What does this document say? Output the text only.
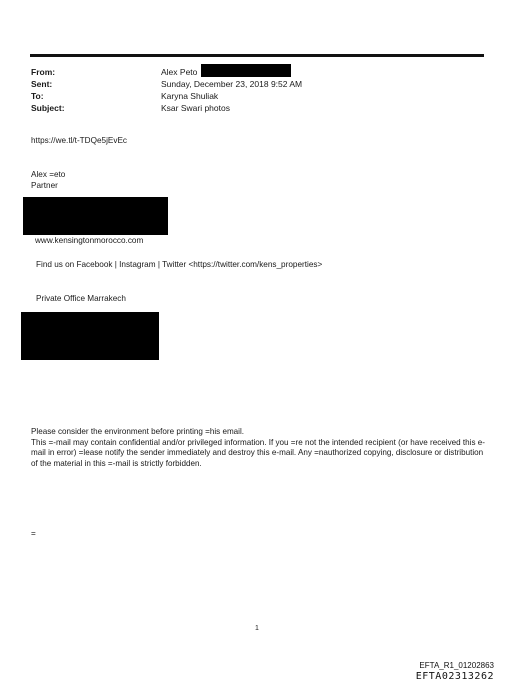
From:	Alex Peto
Sent:	Sunday, December 23, 2018 9:52 AM
To:	Karyna Shuliak
Subject:	Ksar Swari photos
https://we.tl/t-TDQe5jEvEc
Alex =eto
Partner
www.kensingtonmorocco.com
Find us on Facebook | Instagram | Twitter <https://twitter.com/kens_properties>
Private Office Marrakech
Please consider the environment before printing =his email.
This =-mail may contain confidential and/or privileged information. If you =re not the intended recipient (or have received this e-mail in error) =lease notify the sender immediately and destroy this e-mail. Any =nauthorized copying, disclosure or distribution of the material in this =-mail is strictly forbidden.
=
1
EFTA_R1_01202863
EFTA02313262
